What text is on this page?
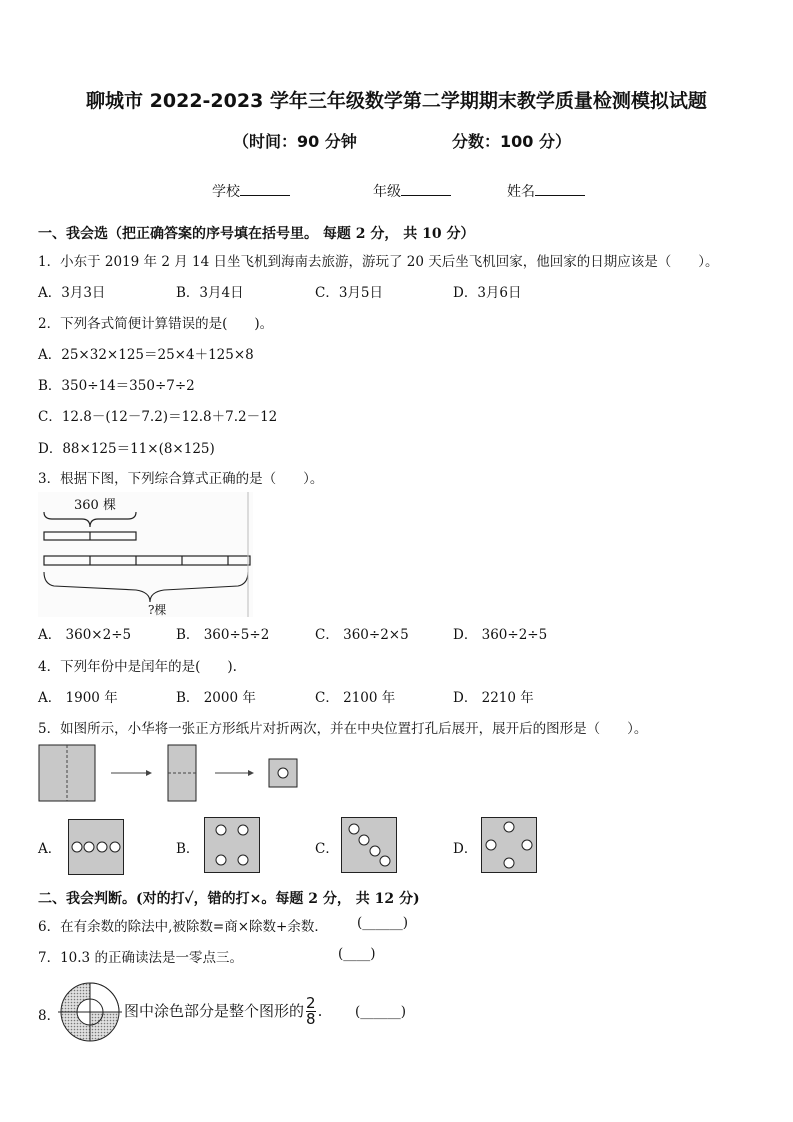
聊城市 2022-2023 学年三年级数学第二学期期末教学质量检测模拟试题
（时间：90 分钟	分数：100 分）
学校	年级	姓名
一、我会选（把正确答案的序号填在括号里。 每题 2 分， 共 10 分）
1．小东于 2019 年 2 月 14 日坐飞机到海南去旅游，游玩了 20 天后坐飞机回家，他回家的日期应该是（　　）。
A．3月3日	B．3月4日	C．3月5日	D．3月6日
2．下列各式简便计算错误的是(　　)。
A．25×32×125＝25×4＋125×8
B．350÷14＝350÷7÷2
C．12.8－(12－7.2)＝12.8＋7.2－12
D．88×125＝11×(8×125)
3．根据下图，下列综合算式正确的是（　　）。
360 棵
?棵
A． 360×2÷5	B． 360÷5÷2	C． 360÷2×5	D． 360÷2÷5
4．下列年份中是闰年的是(　　).
A． 1900 年	B． 2000 年	C． 2100 年	D． 2210 年
5．如图所示，小华将一张正方形纸片对折两次，并在中央位置打孔后展开，展开后的图形是（　　）。
A．	B．	C．	D．
二、我会判断。(对的打✓，错的打×。每题 2 分， 共 12 分)
6．在有余数的除法中,被除数=商×除数+余数． (______)
7．10.3 的正确读法是一零点三。	(____)
8．	图中涂色部分是整个图形的 $\frac{2}{8}$ . (______)
